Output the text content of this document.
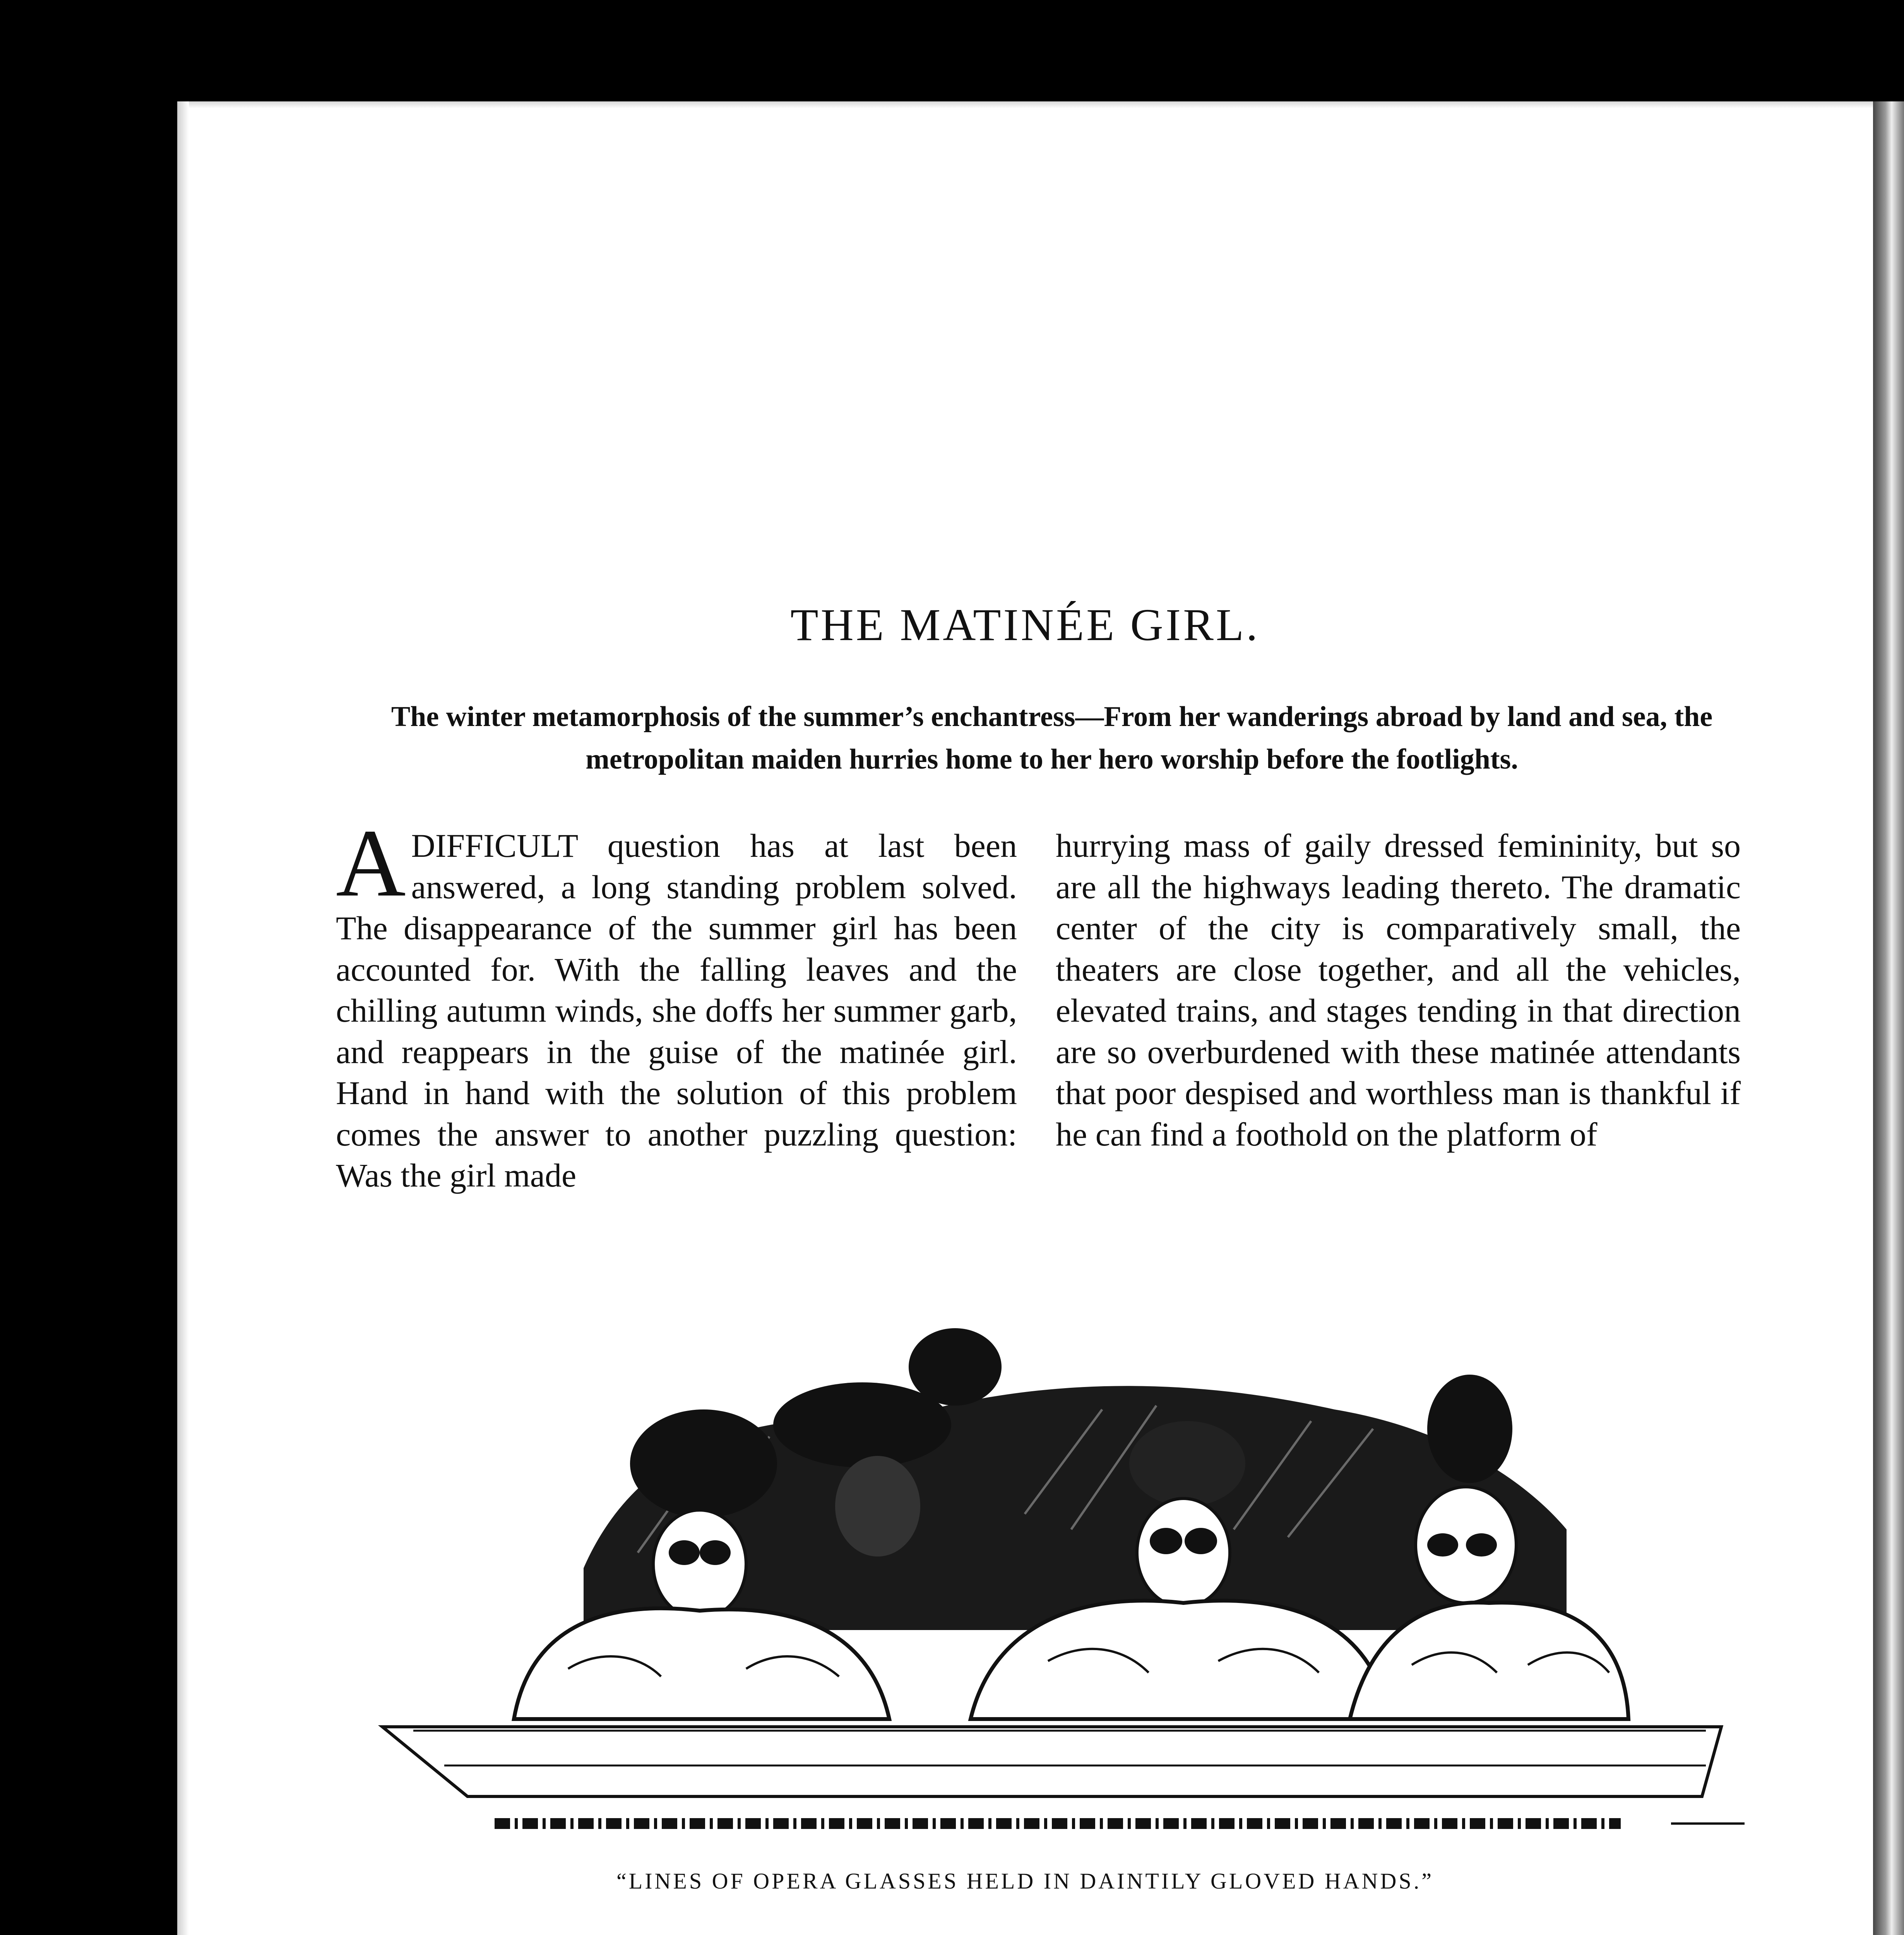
THE MATINÉE GIRL.
The winter metamorphosis of the summer’s enchantress—From her wanderings abroad by land and sea, the metropolitan maiden hurries home to her hero worship before the footlights.

A DIFFICULT question has at last been answered, a long standing problem solved. The disappearance of the summer girl has been accounted for. With the falling leaves and the chilling autumn winds, she doffs her summer garb, and reappears in the guise of the matinée girl. Hand in hand with the solution of this problem comes the answer to another puzzling question: Was the girl made

hurrying mass of gaily dressed femininity, but so are all the highways leading thereto. The dramatic center of the city is comparatively small, the theaters are close together, and all the vehicles, elevated trains, and stages tending in that direction are so overburdened with these matinée attendants that poor despised and worthless man is thankful if he can find a foothold on the platform of

“LINES OF OPERA GLASSES HELD IN DAINTILY GLOVED HANDS.”
